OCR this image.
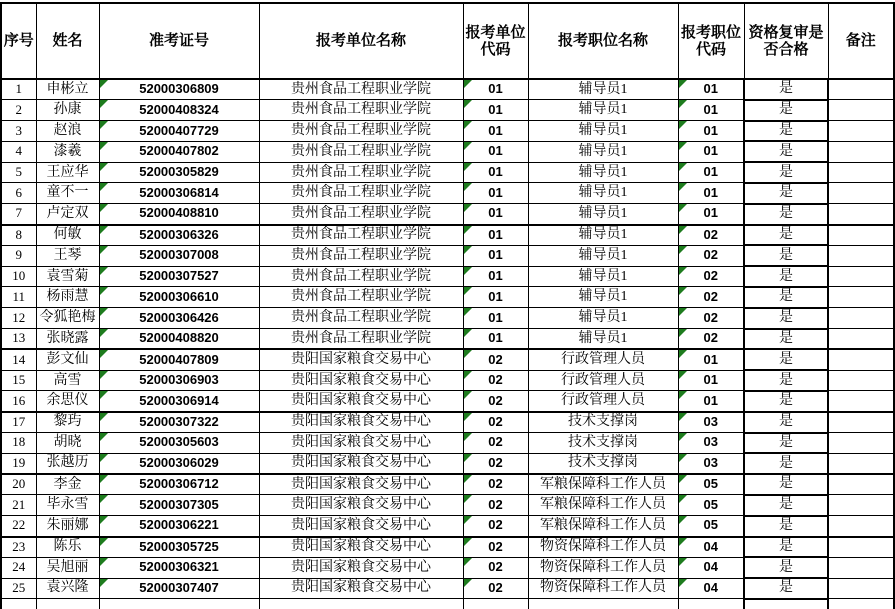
序号	姓名	准考证号	报考单位名称	报考单位代码	报考职位名称	报考职位代码	资格复审是否合格	备注
1	申彬立	52000306809	贵州食品工程职业学院	01	辅导员1	01	是	
2	孙康	52000408324	贵州食品工程职业学院	01	辅导员1	01	是	
3	赵浪	52000407729	贵州食品工程职业学院	01	辅导员1	01	是	
4	漆羲	52000407802	贵州食品工程职业学院	01	辅导员1	01	是	
5	王应华	52000305829	贵州食品工程职业学院	01	辅导员1	01	是	
6	童不一	52000306814	贵州食品工程职业学院	01	辅导员1	01	是	
7	卢定双	52000408810	贵州食品工程职业学院	01	辅导员1	01	是	
8	何敏	52000306326	贵州食品工程职业学院	01	辅导员1	02	是	
9	王琴	52000307008	贵州食品工程职业学院	01	辅导员1	02	是	
10	袁雪菊	52000307527	贵州食品工程职业学院	01	辅导员1	02	是	
11	杨雨慧	52000306610	贵州食品工程职业学院	01	辅导员1	02	是	
12	令狐艳梅	52000306426	贵州食品工程职业学院	01	辅导员1	02	是	
13	张晓露	52000408820	贵州食品工程职业学院	01	辅导员1	02	是	
14	彭文仙	52000407809	贵阳国家粮食交易中心	02	行政管理人员	01	是	
15	高雪	52000306903	贵阳国家粮食交易中心	02	行政管理人员	01	是	
16	余思仪	52000306914	贵阳国家粮食交易中心	02	行政管理人员	01	是	
17	黎玙	52000307322	贵阳国家粮食交易中心	02	技术支撑岗	03	是	
18	胡晓	52000305603	贵阳国家粮食交易中心	02	技术支撑岗	03	是	
19	张越历	52000306029	贵阳国家粮食交易中心	02	技术支撑岗	03	是	
20	李金	52000306712	贵阳国家粮食交易中心	02	军粮保障科工作人员	05	是	
21	毕永雪	52000307305	贵阳国家粮食交易中心	02	军粮保障科工作人员	05	是	
22	朱丽娜	52000306221	贵阳国家粮食交易中心	02	军粮保障科工作人员	05	是	
23	陈乐	52000305725	贵阳国家粮食交易中心	02	物资保障科工作人员	04	是	
24	吴旭丽	52000306321	贵阳国家粮食交易中心	02	物资保障科工作人员	04	是	
25	袁兴隆	52000307407	贵阳国家粮食交易中心	02	物资保障科工作人员	04	是	
